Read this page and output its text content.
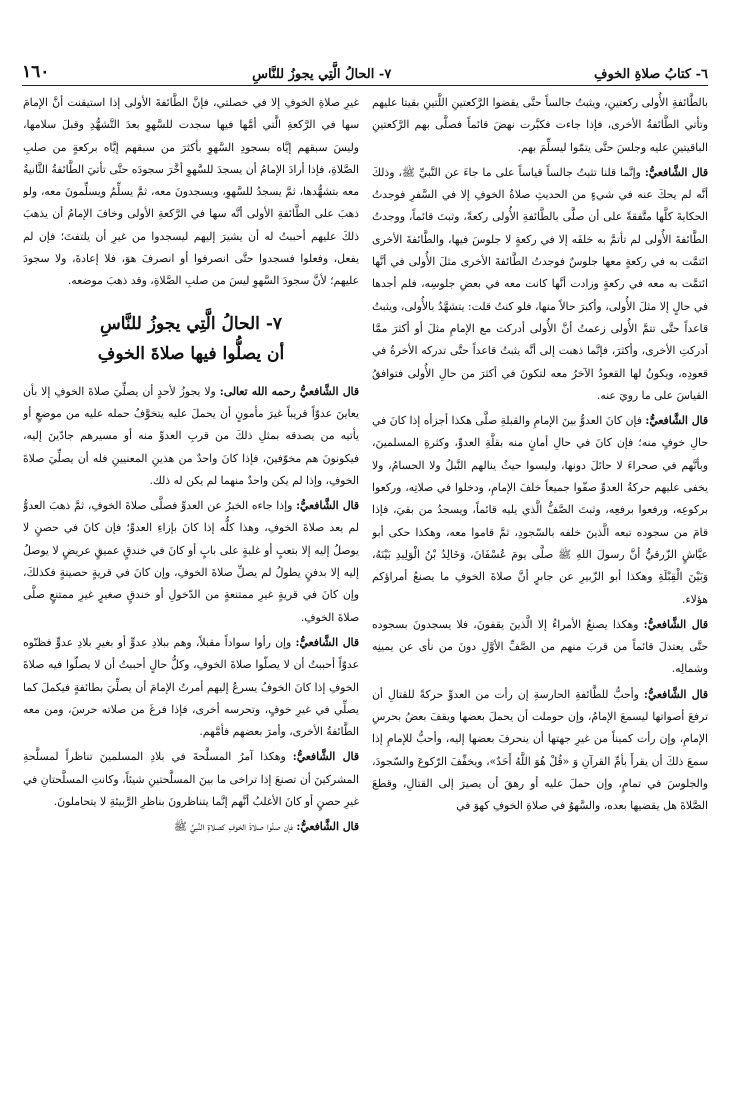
٦- كتابُ صلاةِ الخوفِ
٧- الحالُ الَّتِي يجوزُ للنَّاسِ
١٦٠

بالطَّائفةِ الأُولى ركعتينِ، ويثبتُ جالساً حتَّى يقضوا الرَّكعتينِ اللَّتينِ بقيتا عليهم وتأتي الطَّائفةُ الأخرى، فإذا جاءت فكبَّرت نهضَ قائماً فصلَّى بهم الرَّكعتينِ الباقيتينِ عليه وجلسَ حتَّى يتمّوا ليسلِّمَ بهم.

قال الشَّافعيُّ: وإنَّما قلنا تثبتُ جالساً قياساً على ما جاءَ عن النَّبيِّ ﷺ، وذلكَ أنَّه لم يحكَ عنه في شيءٍ من الحديثِ صلاةُ الخوفِ إلا في السَّفرِ فوجدتُ الحكايةَ كلَّها متَّفقةً على أن صلَّى بالطَّائفةِ الأُولى ركعةً، وثبتَ قائماً، ووجدتُ الطَّائفةَ الأُولى لم تأتمَّ به خلفَه إلا في ركعةٍ لا جلوسَ فيها، والطَّائفةَ الأخرى ائتمَّت به في ركعةٍ معها جلوسٌ فوجدتُ الطَّائفةَ الأخرى مثلَ الأُولى في أنَّها ائتمَّت به معه في ركعةٍ وزادت أنَّها كانت معه في بعضِ جلوسِه، فلم أجدها في حالٍ إلا مثلَ الأُولى، وأكبرَ حالاً منها، فلو كنتُ قلت: يتشهَّدُ بالأُولى، ويثبتُ قاعداً حتَّى تتمَّ الأُولى زعمتُ أنَّ الأُولى أدركت مع الإمامِ مثلَ أو أكثرَ ممَّا أدركتِ الأخرى، وأكثرَ، فإنَّما ذهبت إلى أنَّه يثبتُ قاعداً حتَّى تدركه الأخرةُ في قعودِه، ويكونُ لها القعودُ الآخرُ معه لتكونَ في أكثرَ من حالِ الأُولى فتوافقُ القياسَ على ما رويَ عنه.

قال الشَّافعيُّ: فإن كانَ العدوُّ بينَ الإمامِ والقبلةِ صلَّى هكذا أجزأه إذا كانَ في حالِ خوفٍ منه؛ فإن كانَ في حالِ أمانٍ منه بقلَّةِ العدوِّ، وكثرةِ المسلمينَ، وبأنَّهم في صحراءَ لا حائلَ دونها، وليسوا حيثُ ينالهم النَّبلُ ولا الحسامُ، ولا يخفى عليهم حركةُ العدوِّ صفّوا جميعاً خلفَ الإمامِ، ودخلوا في صلاتِه، وركعوا بركوعِه، ورفعوا برفعِه، وثبتَ الصَّفُّ الَّذي يليه قائماً، ويسجدُ من بقيَ، فإذا قامَ من سجوده تبعه الَّذينَ خلفه بالسّجودِ، ثمَّ قاموا معه، وهكذا حكى أبو عيَّاشٍ الزّرقيُّ أنَّ رسولَ اللهِ ﷺ صلَّى يومَ عُسْفَانَ، وَخَالِدُ بْنُ الْوَلِيدِ بَيْنَهُ، وَبَيْنَ الْقِبْلَةِ وهكذا أبو الزّبيرِ عن جابرٍ أنَّ صلاةَ الخوفِ ما يصنعُ أمراؤكم هؤلاء.

قال الشَّافعيُّ: وهكذا يصنعُ الأمراءُ إلا الَّذينَ يقفونَ، فلا يسجدونَ بسجوده حتَّى يعتدلَ قائماً من قربَ منهم من الصَّفِّ الأوَّلِ دونَ من نأى عن يمينِه وشمالِه.

قال الشَّافعيُّ: وأحبُّ للطَّائفةِ الحارسةِ إن رأت من العدوِّ حركةً للقتالِ أن ترفعَ أصواتها ليسمعَ الإمامُ، وإن حوملت أن يحملَ بعضها ويقفَ بعضُ بحرسِ الإمامِ، وإن رأت كميناً من غيرِ جهتها أن ينحرفَ بعضها إليه، وأحبُّ للإمامِ إذا سمعَ ذلكَ أن يقرأَ بأمِّ القرآنِ وَ «قُلْ هُوَ اللَّهُ أَحَدٌ»، ويخفِّفَ الرّكوعَ والسّجودَ، والجلوسَ في تمامٍ، وإن حملَ عليه أو رهقَ أن يصيرَ إلى القتالِ، وقطعَ الصَّلاةَ هل يقضيها بعده، والسَّهوُ في صلاةِ الخوفِ كهوَ في

غيرِ صلاةِ الخوفِ إلا في خصلتي، فإنَّ الطَّائفةَ الأولى إذا استيقنت أنَّ الإمامَ سها في الرَّكعةِ الَّتي أمَّها فيها سجدت للسَّهوِ بعدَ التَّشهُّدِ وقبلَ سلامها، وليسَ سبقهم إيَّاه بسجودِ السَّهوِ بأكثرَ من سبقهم إيَّاه بركعةٍ من صلبِ الصَّلاةِ، فإذا أرادَ الإمامُ أن يسجدَ للسَّهوِ أخَّرَ سجودَه حتَّى تأتيَ الطَّائفةُ الثَّانيةُ معه بتشهُّدها، ثمَّ يسجدُ للسَّهوِ، ويسجدونَ معه، ثمَّ يسلِّمُ ويسلِّمونَ معه، ولو ذهبَ على الطَّائفةِ الأولى أنَّه سها في الرَّكعةِ الأولى وخافَ الإمامُ أن يذهبَ ذلكَ عليهم أحببتُ له أن يشيرَ إليهم ليسجدوا من غيرِ أن يلتفتَ؛ فإن لم يفعل، وفعلوا فسجدوا حتَّى انصرفوا أو انصرفَ هوَ، فلا إعادةَ، ولا سجودَ عليهم؛ لأنَّ سجودَ السَّهوِ ليسَ من صلبِ الصَّلاةِ، وقد ذهبَ موضعه.

٧- الحالُ الَّتِي يجوزُ للنَّاسِ
أن يصلُّوا فيها صلاةَ الخوفِ

قال الشَّافعيُّ رحمه الله تعالى: ولا يجوزُ لأحدٍ أن يصلِّيَ صلاةَ الخوفِ إلا بأن يعاينَ عدوّاً قريباً غيرَ مأمونٍ أن يحملَ عليه يتخوَّفُ حمله عليه من موضعٍ أو يأتيه من يصدقه بمثلِ ذلكَ من قربِ العدوِّ منه أو مسيرهم جادّينَ إليه، فيكونونَ هم مخوّفينَ، فإذا كانَ واحدٌ من هذينِ المعنيينِ فله أن يصلِّيَ صلاةَ الخوفِ، وإذا لم يكن واحدٌ منهما لم يكن له ذلك.

قال الشَّافعيُّ: وإذا جاءه الخبرُ عن العدوِّ فصلَّى صلاةَ الخوفِ، ثمَّ ذهبَ العدوُّ لم يعد صلاةَ الخوفِ، وهذا كلُّه إذا كانَ بإزاءِ العدوِّ؛ فإن كانَ في حصنٍ لا يوصلُ إليه إلا بتعبٍ أو غلبةٍ على بابٍ أو كانَ في خندقٍ عميقٍ عريضٍ لا يوصلُ إليه إلا بدفنٍ يطولُ لم يصلِّ صلاةَ الخوفِ، وإن كانَ في قريةٍ حصينةٍ فكذلكَ، وإن كانَ في قريةٍ غيرِ ممتنعةٍ من الدّخولِ أو خندقٍ صغيرٍ غيرِ ممتنعٍ صلَّى صلاةَ الخوفِ.

قال الشَّافعيُّ: وإن رأوا سواداً مقبلاً، وهم ببلادِ عدوٍّ أو بغيرِ بلادِ عدوٍّ فظنّوه عدوّاً أحببتُ أن لا يصلّوا صلاةَ الخوفِ، وكلُّ حالٍ أحببتُ أن لا يصلّوا فيه صلاةَ الخوفِ إذا كانَ الخوفُ يسرعُ إليهم أمرتُ الإمامَ أن يصلِّيَ بطائفةٍ فيكملَ كما يصلِّي في غيرِ خوفٍ، وتحرسه أخرى، فإذا فرغَ من صلاته حرسَ، ومن معه الطَّائفةُ الأخرى، وأمرَ بعضهم فأمَّهم.

قال الشَّافعيُّ: وهكذا آمرُ المسلَّحةَ في بلادِ المسلمينَ تناظراً لمسلَّحةِ المشركينَ أن تصنعَ إذا تراخى ما بينَ المسلَّحتينِ شيئاً، وكانتِ المسلَّحتانِ في غيرِ حصنٍ أو كانَ الأغلبُ أنَّهم إنَّما يتناظرونَ بناظرِ الرَّبيئةِ لا يتحاملونَ.

قال الشَّافعيُّ: فإن صلّوا صلاةَ الخوفِ كصلاةِ النَّبيِّ ﷺ
